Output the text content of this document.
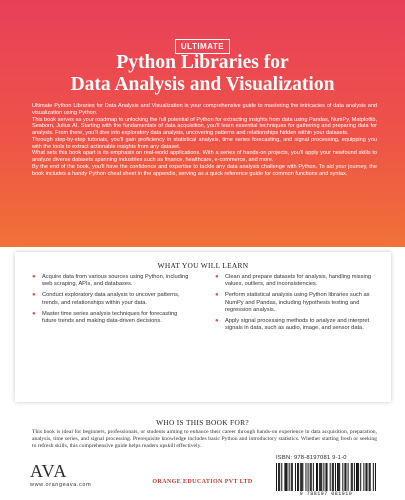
ULTIMATE
Python Libraries for
Data Analysis and Visualization

Ultimate Python Libraries for Data Analysis and Visualization is your comprehensive guide to mastering the intricacies of data analysis and visualization using Python.

This book serves as your roadmap to unlocking the full potential of Python for extracting insights from data using Pandas, NumPy, Matplotlib, Seaborn, Julius AI. Starting with the fundamentals of data acquisition, you'll learn essential techniques for gathering and preparing data for analysis. From there, you'll dive into exploratory data analysis, uncovering patterns and relationships hidden within your datasets.

Through step-by-step tutorials, you'll gain proficiency in statistical analysis, time series forecasting, and signal processing, equipping you with the tools to extract actionable insights from any dataset.

What sets this book apart is its emphasis on real-world applications. With a series of hands-on projects, you'll apply your newfound skills to analyze diverse datasets spanning industries such as finance, healthcare, e-commerce, and more.

By the end of the book, you'll have the confidence and expertise to tackle any data analysis challenge with Python. To aid your journey, the book includes a handy Python cheat sheet in the appendix, serving as a quick reference guide for common functions and syntax.

WHAT YOU WILL LEARN
● Acquire data from various sources using Python, including web scraping, APIs, and databases.
● Conduct exploratory data analysis to uncover patterns, trends, and relationships within your data.
● Master time series analysis techniques for forecasting future trends and making data-driven decisions.
● Clean and prepare datasets for analysis, handling missing values, outliers, and inconsistencies.
● Perform statistical analysis using Python libraries such as NumPy and Pandas, including hypothesis testing and regression analysis.
● Apply signal processing methods to analyze and interpret signals in data, such as audio, image, and sensor data.
WHO IS THIS BOOK FOR?
This book is ideal for beginners, professionals, or students aiming to enhance their career through hands-on experience in data acquisition, preparation, analysis, time series, and signal processing. Prerequisite knowledge includes basic Python and introductory statistics. Whether starting fresh or seeking to refresh skills, this comprehensive guide helps readers upskill effectively.
AVA
www.orangeava.com	ORANGE EDUCATION PVT LTD
ISBN: 978-8197081 9-1-0
9 788197 081910
